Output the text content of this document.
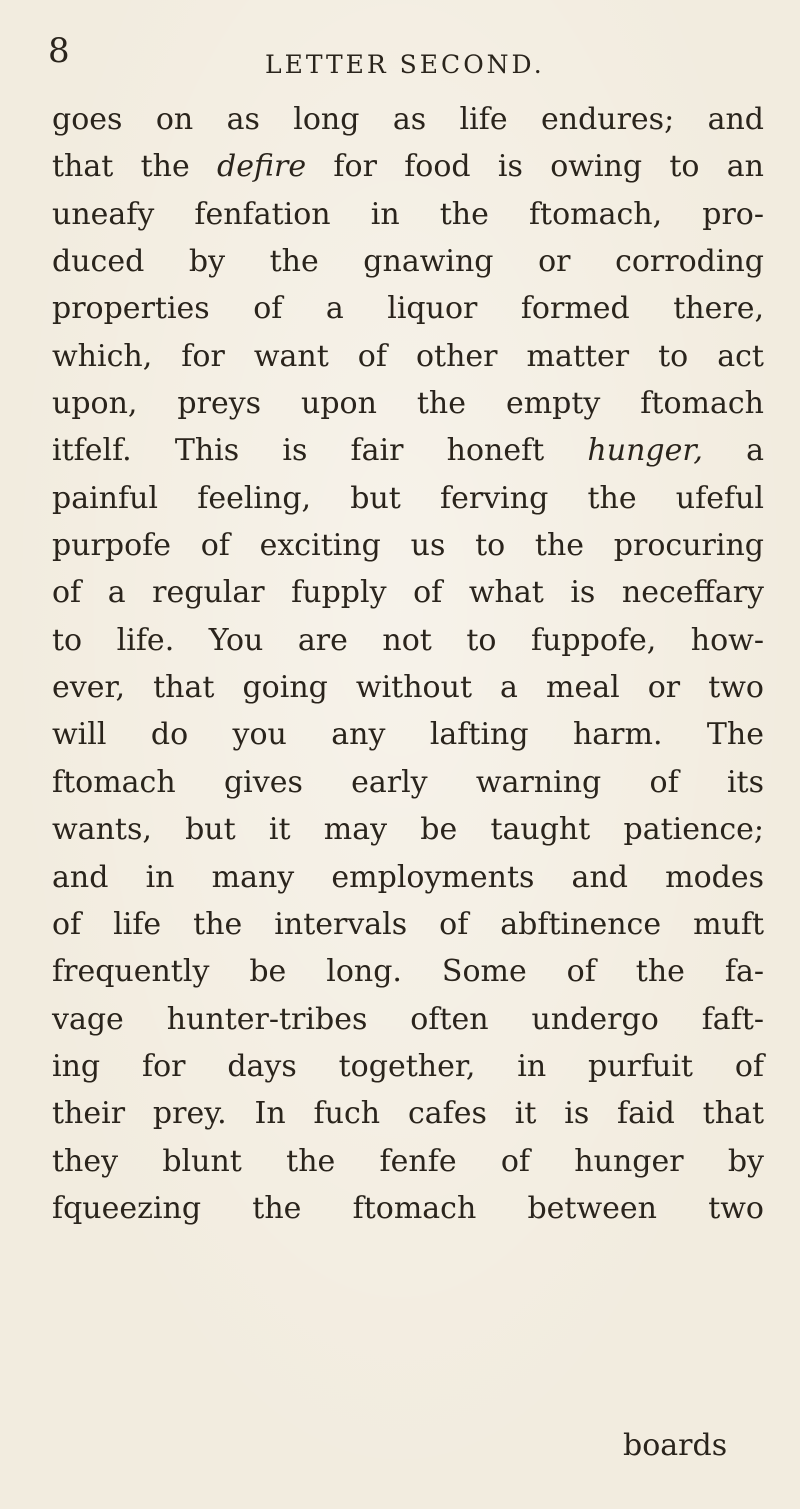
8	LETTER SECOND.
goes on as long as life endures; and
that the defire for food is owing to an
uneafy fenfation in the ftomach, pro-
duced by the gnawing or corroding
properties of a liquor formed there,
which, for want of other matter to act
upon, preys upon the empty ftomach
itfelf. This is fair honeft hunger, a
painful feeling, but ferving the ufeful
purpofe of exciting us to the procuring
of a regular fupply of what is neceffary
to life. You are not to fuppofe, how-
ever, that going without a meal or two
will do you any lafting harm. The
ftomach gives early warning of its
wants, but it may be taught patience;
and in many employments and modes
of life the intervals of abftinence muft
frequently be long. Some of the fa-
vage hunter-tribes often undergo faft-
ing for days together, in purfuit of
their prey. In fuch cafes it is faid that
they blunt the fenfe of hunger by
fqueezing the ftomach between two
boards
